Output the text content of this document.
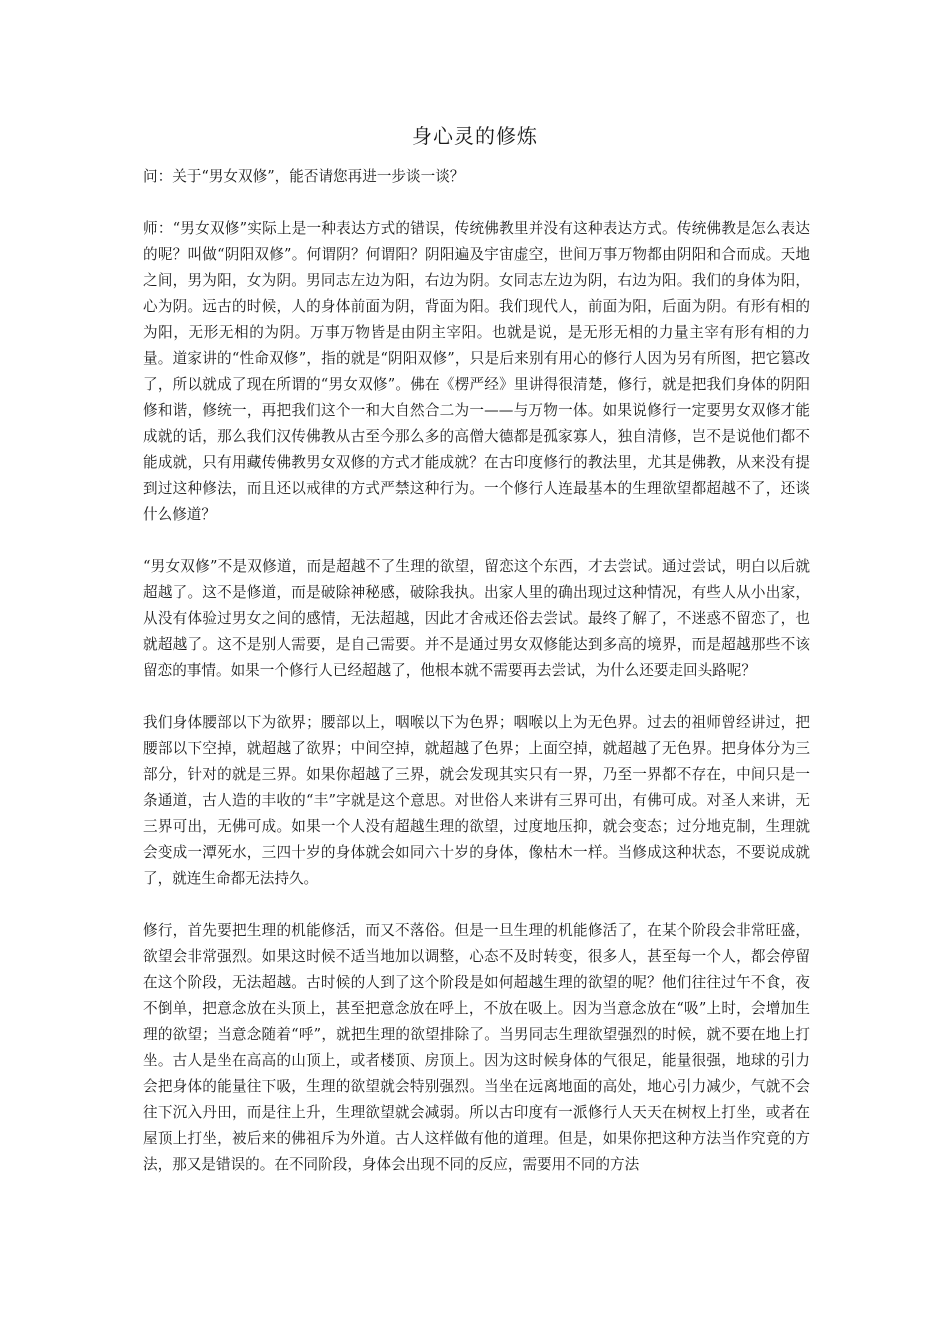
身心灵的修炼

问：关于“男女双修”，能否请您再进一步谈一谈？

师：“男女双修”实际上是一种表达方式的错误，传统佛教里并没有这种表达方式。传统佛教是怎么表达的呢？叫做“阴阳双修”。何谓阴？何谓阳？阴阳遍及宇宙虚空，世间万事万物都由阴阳和合而成。天地之间，男为阳，女为阴。男同志左边为阳，右边为阴。女同志左边为阴，右边为阳。我们的身体为阳，心为阴。远古的时候，人的身体前面为阴，背面为阳。我们现代人，前面为阳，后面为阴。有形有相的为阳，无形无相的为阴。万事万物皆是由阴主宰阳。也就是说，是无形无相的力量主宰有形有相的力量。道家讲的“性命双修”，指的就是“阴阳双修”，只是后来别有用心的修行人因为另有所图，把它篡改了，所以就成了现在所谓的“男女双修”。佛在《楞严经》里讲得很清楚，修行，就是把我们身体的阴阳修和谐，修统一，再把我们这个一和大自然合二为一——与万物一体。如果说修行一定要男女双修才能成就的话，那么我们汉传佛教从古至今那么多的高僧大德都是孤家寡人，独自清修，岂不是说他们都不能成就，只有用藏传佛教男女双修的方式才能成就？在古印度修行的教法里，尤其是佛教，从来没有提到过这种修法，而且还以戒律的方式严禁这种行为。一个修行人连最基本的生理欲望都超越不了，还谈什么修道？

“男女双修”不是双修道，而是超越不了生理的欲望，留恋这个东西，才去尝试。通过尝试，明白以后就超越了。这不是修道，而是破除神秘感，破除我执。出家人里的确出现过这种情况，有些人从小出家，从没有体验过男女之间的感情，无法超越，因此才舍戒还俗去尝试。最终了解了，不迷惑不留恋了，也就超越了。这不是别人需要，是自己需要。并不是通过男女双修能达到多高的境界，而是超越那些不该留恋的事情。如果一个修行人已经超越了，他根本就不需要再去尝试，为什么还要走回头路呢？

我们身体腰部以下为欲界；腰部以上，咽喉以下为色界；咽喉以上为无色界。过去的祖师曾经讲过，把腰部以下空掉，就超越了欲界；中间空掉，就超越了色界；上面空掉，就超越了无色界。把身体分为三部分，针对的就是三界。如果你超越了三界，就会发现其实只有一界，乃至一界都不存在，中间只是一条通道，古人造的丰收的“丰”字就是这个意思。对世俗人来讲有三界可出，有佛可成。对圣人来讲，无三界可出，无佛可成。如果一个人没有超越生理的欲望，过度地压抑，就会变态；过分地克制，生理就会变成一潭死水，三四十岁的身体就会如同六十岁的身体，像枯木一样。当修成这种状态，不要说成就了，就连生命都无法持久。

修行，首先要把生理的机能修活，而又不落俗。但是一旦生理的机能修活了，在某个阶段会非常旺盛，欲望会非常强烈。如果这时候不适当地加以调整，心态不及时转变，很多人，甚至每一个人，都会停留在这个阶段，无法超越。古时候的人到了这个阶段是如何超越生理的欲望的呢？他们往往过午不食，夜不倒单，把意念放在头顶上，甚至把意念放在呼上，不放在吸上。因为当意念放在“吸”上时，会增加生理的欲望；当意念随着“呼”，就把生理的欲望排除了。当男同志生理欲望强烈的时候，就不要在地上打坐。古人是坐在高高的山顶上，或者楼顶、房顶上。因为这时候身体的气很足，能量很强，地球的引力会把身体的能量往下吸，生理的欲望就会特别强烈。当坐在远离地面的高处，地心引力减少，气就不会往下沉入丹田，而是往上升，生理欲望就会减弱。所以古印度有一派修行人天天在树杈上打坐，或者在屋顶上打坐，被后来的佛祖斥为外道。古人这样做有他的道理。但是，如果你把这种方法当作究竟的方法，那又是错误的。在不同阶段，身体会出现不同的反应，需要用不同的方法
